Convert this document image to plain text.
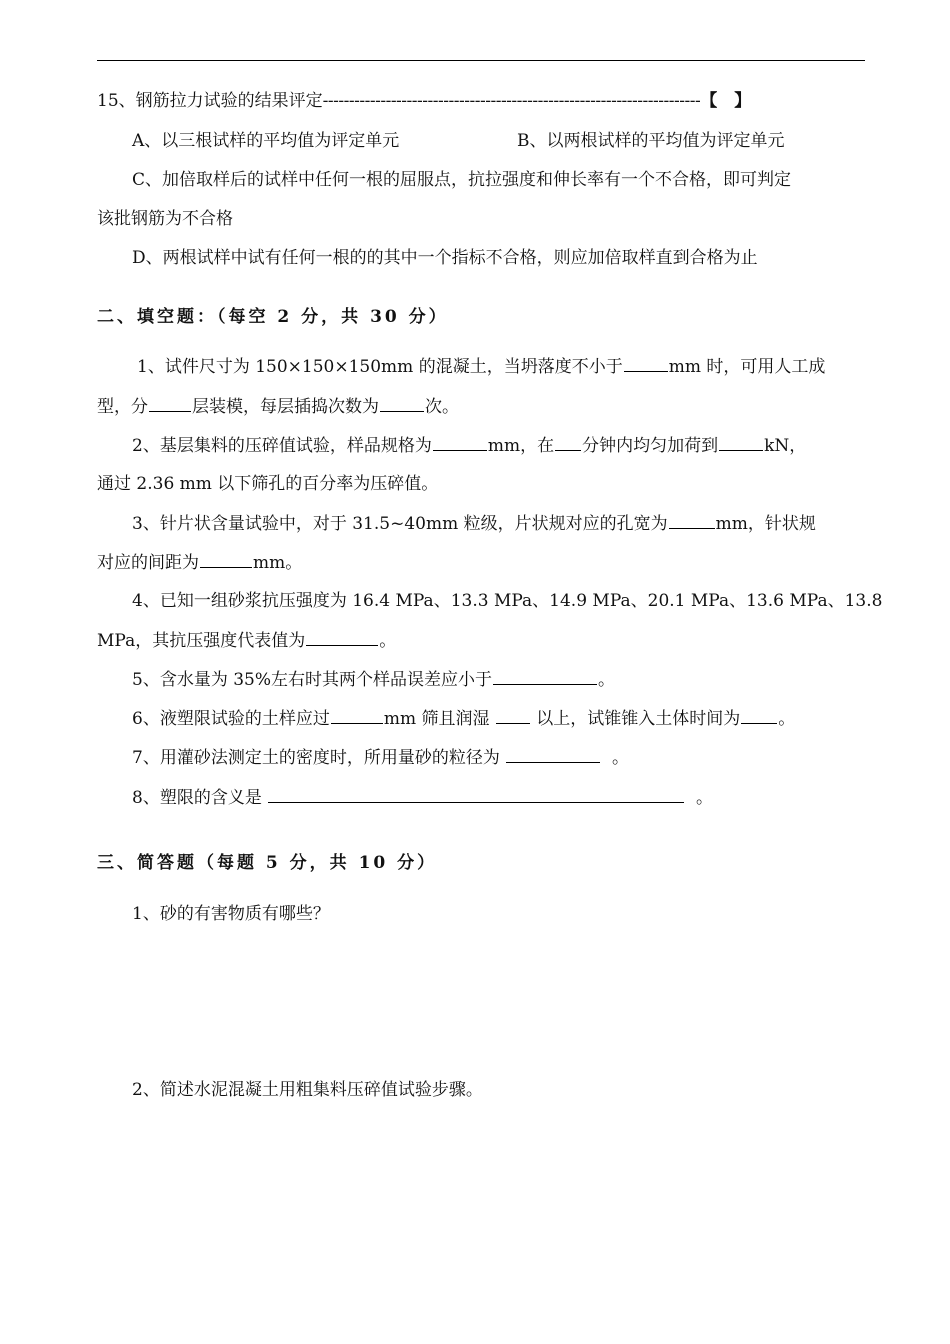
15、钢筋拉力试验的结果评定------------------------------------------------------------------------【　】
A、以三根试样的平均值为评定单元	B、以两根试样的平均值为评定单元
C、加倍取样后的试样中任何一根的屈服点，抗拉强度和伸长率有一个不合格，即可判定
该批钢筋为不合格
D、两根试样中试有任何一根的的其中一个指标不合格，则应加倍取样直到合格为止
二、填空题：（每空 2 分，共 30 分）
1、试件尺寸为 150×150×150mm 的混凝土，当坍落度不小于	mm 时，可用人工成
型，分	层装模，每层插捣次数为	次。
2、基层集料的压碎值试验，样品规格为	mm，在 分钟内均匀加荷到	kN，
通过 2.36 mm 以下筛孔的百分率为压碎值。
3、针片状含量试验中，对于 31.5~40mm 粒级，片状规对应的孔宽为	mm，针状规
对应的间距为	mm。
4、已知一组砂浆抗压强度为 16.4 MPa、13.3 MPa、14.9 MPa、20.1 MPa、13.6 MPa、13.8
MPa，其抗压强度代表值为	。
5、含水量为 35%左右时其两个样品误差应小于	。
6、液塑限试验的土样应过	mm 筛且润湿	以上，试锥锥入土体时间为 。
7、用灌砂法测定土的密度时，所用量砂的粒径为	。
8、塑限的含义是	。
三、简答题（每题 5 分，共 10 分）
1、砂的有害物质有哪些？
2、简述水泥混凝土用粗集料压碎值试验步骤。
